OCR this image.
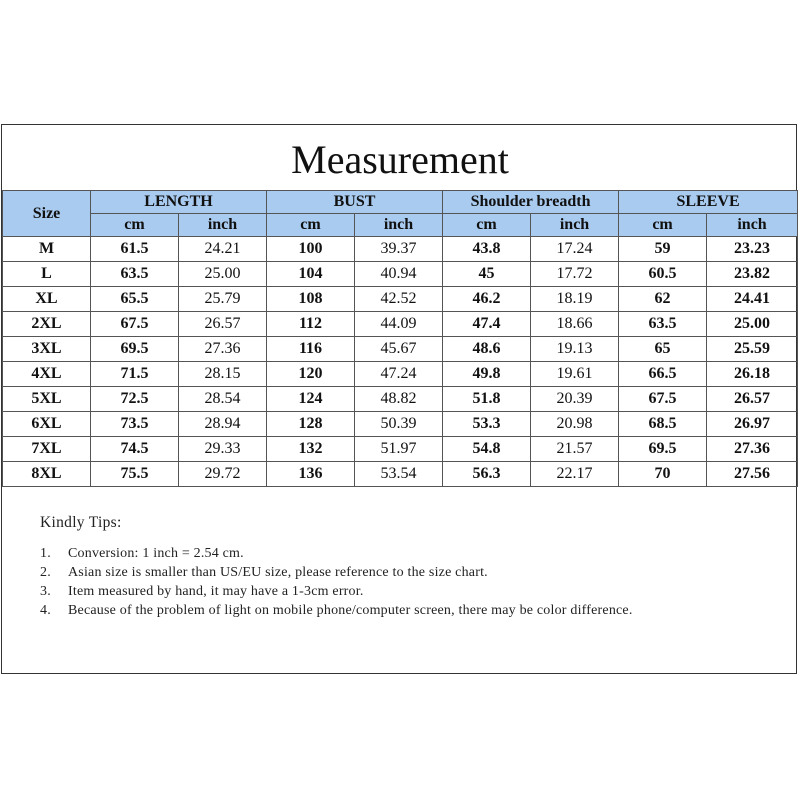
Measurement
Size	LENGTH		BUST		Shoulder breadth		SLEEVE	
	cm	inch	cm	inch	cm	inch	cm	inch
M	61.5	24.21	100	39.37	43.8	17.24	59	23.23
L	63.5	25.00	104	40.94	45	17.72	60.5	23.82
XL	65.5	25.79	108	42.52	46.2	18.19	62	24.41
2XL	67.5	26.57	112	44.09	47.4	18.66	63.5	25.00
3XL	69.5	27.36	116	45.67	48.6	19.13	65	25.59
4XL	71.5	28.15	120	47.24	49.8	19.61	66.5	26.18
5XL	72.5	28.54	124	48.82	51.8	20.39	67.5	26.57
6XL	73.5	28.94	128	50.39	53.3	20.98	68.5	26.97
7XL	74.5	29.33	132	51.97	54.8	21.57	69.5	27.36
8XL	75.5	29.72	136	53.54	56.3	22.17	70	27.56
Kindly Tips:
1. Conversion: 1 inch = 2.54 cm.
2. Asian size is smaller than US/EU size, please reference to the size chart.
3. Item measured by hand, it may have a 1-3cm error.
4. Because of the problem of light on mobile phone/computer screen, there may be color difference.
